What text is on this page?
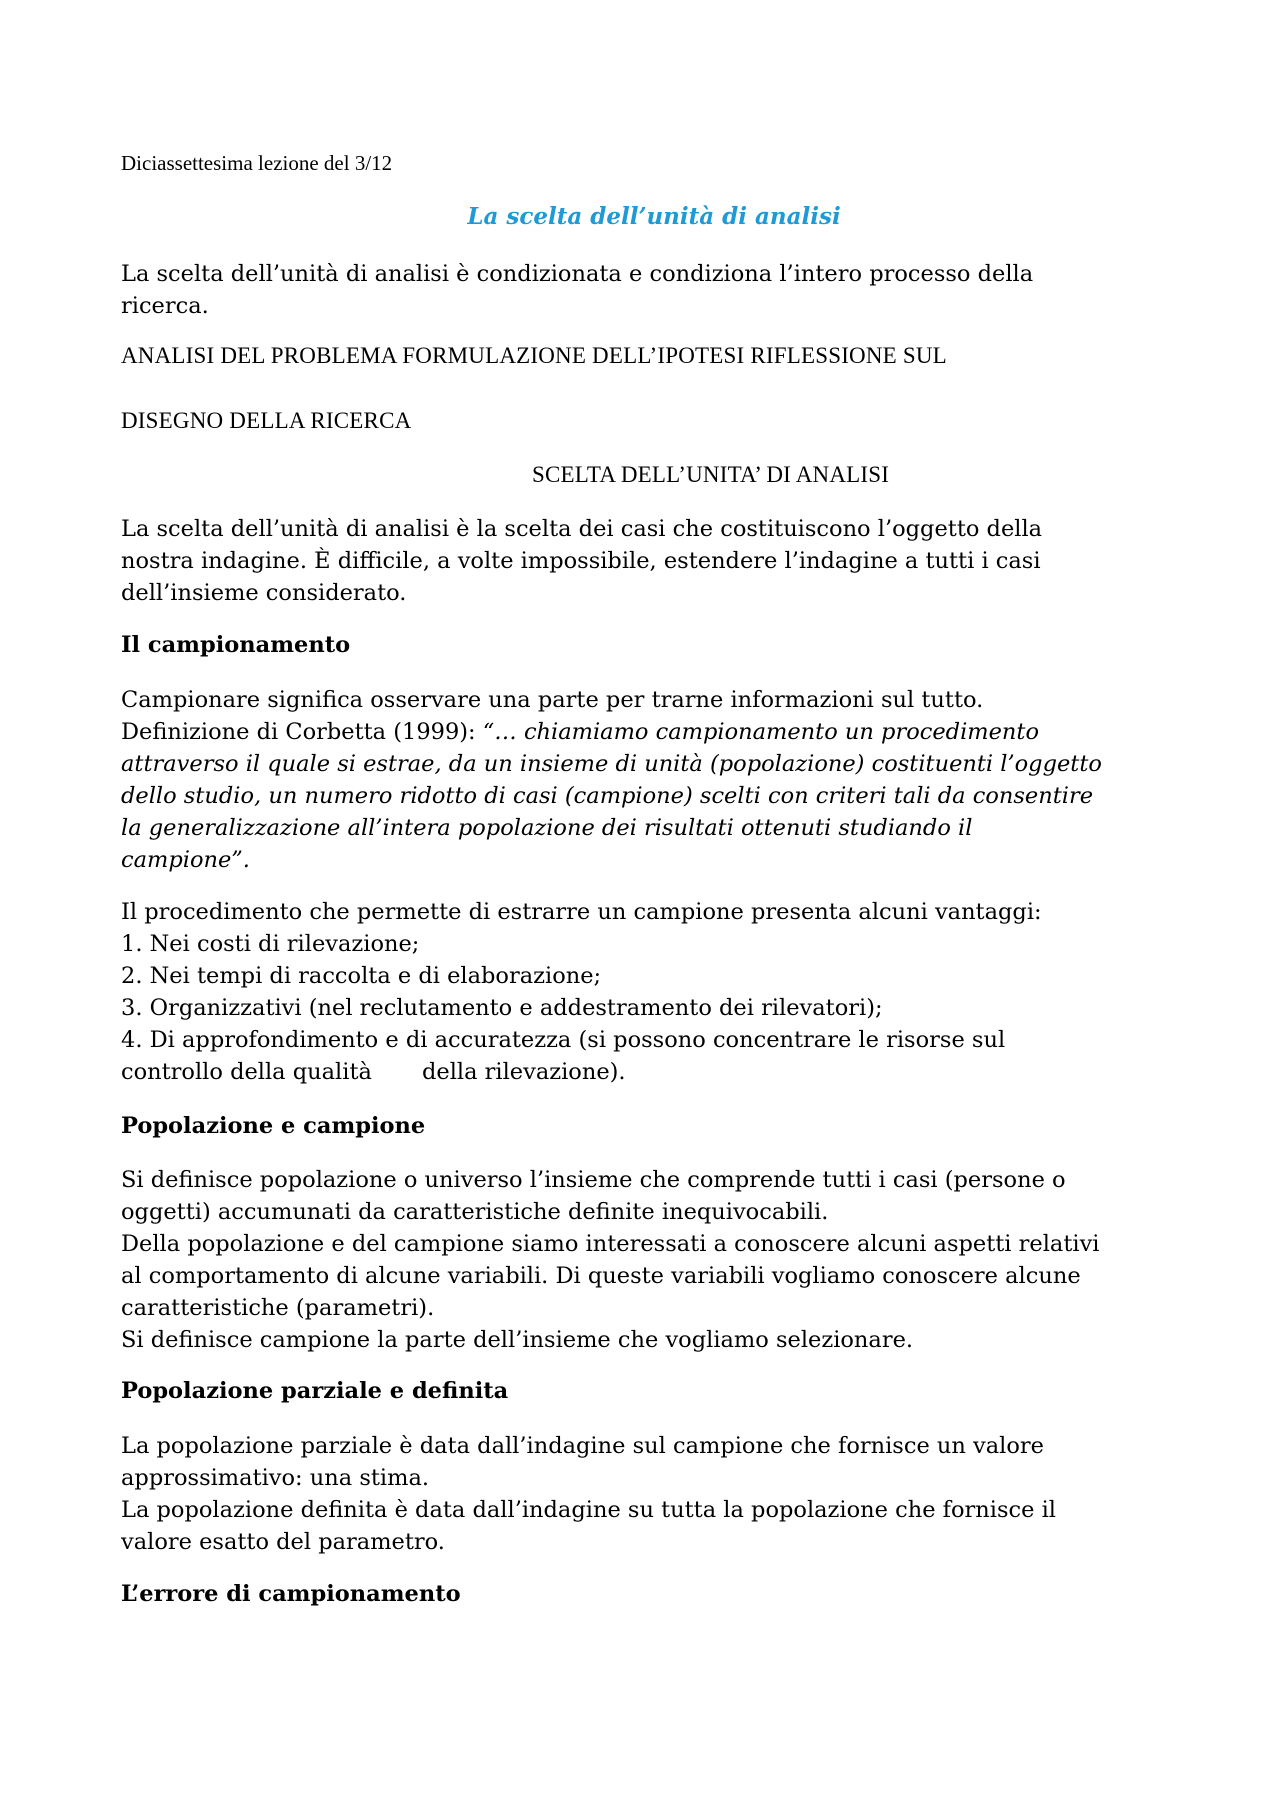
Diciassettesima lezione del 3/12
La scelta dell’unità di analisi

La scelta dell’unità di analisi è condizionata e condiziona l’intero processo della

ricerca.

ANALISI DEL PROBLEMA FORMULAZIONE DELL’IPOTESI RIFLESSIONE SUL
DISEGNO DELLA RICERCA
SCELTA DELL’UNITA’ DI ANALISI

La scelta dell’unità di analisi è la scelta dei casi che costituiscono l’oggetto della

nostra indagine. È difficile, a volte impossibile, estendere l’indagine a tutti i casi

dell’insieme considerato.

Il campionamento

Campionare significa osservare una parte per trarne informazioni sul tutto.

Definizione di Corbetta (1999): “… chiamiamo campionamento un procedimento

attraverso il quale si estrae, da un insieme di unità (popolazione) costituenti l’oggetto

dello studio, un numero ridotto di casi (campione) scelti con criteri tali da consentire

la generalizzazione all’intera popolazione dei risultati ottenuti studiando il

campione”.

Il procedimento che permette di estrarre un campione presenta alcuni vantaggi:

1. Nei costi di rilevazione;

2. Nei tempi di raccolta e di elaborazione;

3. Organizzativi (nel reclutamento e addestramento dei rilevatori);

4. Di approfondimento e di accuratezza (si possono concentrare le risorse sul

controllo della qualità       della rilevazione).

Popolazione e campione

Si definisce popolazione o universo l’insieme che comprende tutti i casi (persone o

oggetti) accumunati da caratteristiche definite inequivocabili.

Della popolazione e del campione siamo interessati a conoscere alcuni aspetti relativi

al comportamento di alcune variabili. Di queste variabili vogliamo conoscere alcune

caratteristiche (parametri).

Si definisce campione la parte dell’insieme che vogliamo selezionare.

Popolazione parziale e definita

La popolazione parziale è data dall’indagine sul campione che fornisce un valore

approssimativo: una stima.

La popolazione definita è data dall’indagine su tutta la popolazione che fornisce il

valore esatto del parametro.

L’errore di campionamento
